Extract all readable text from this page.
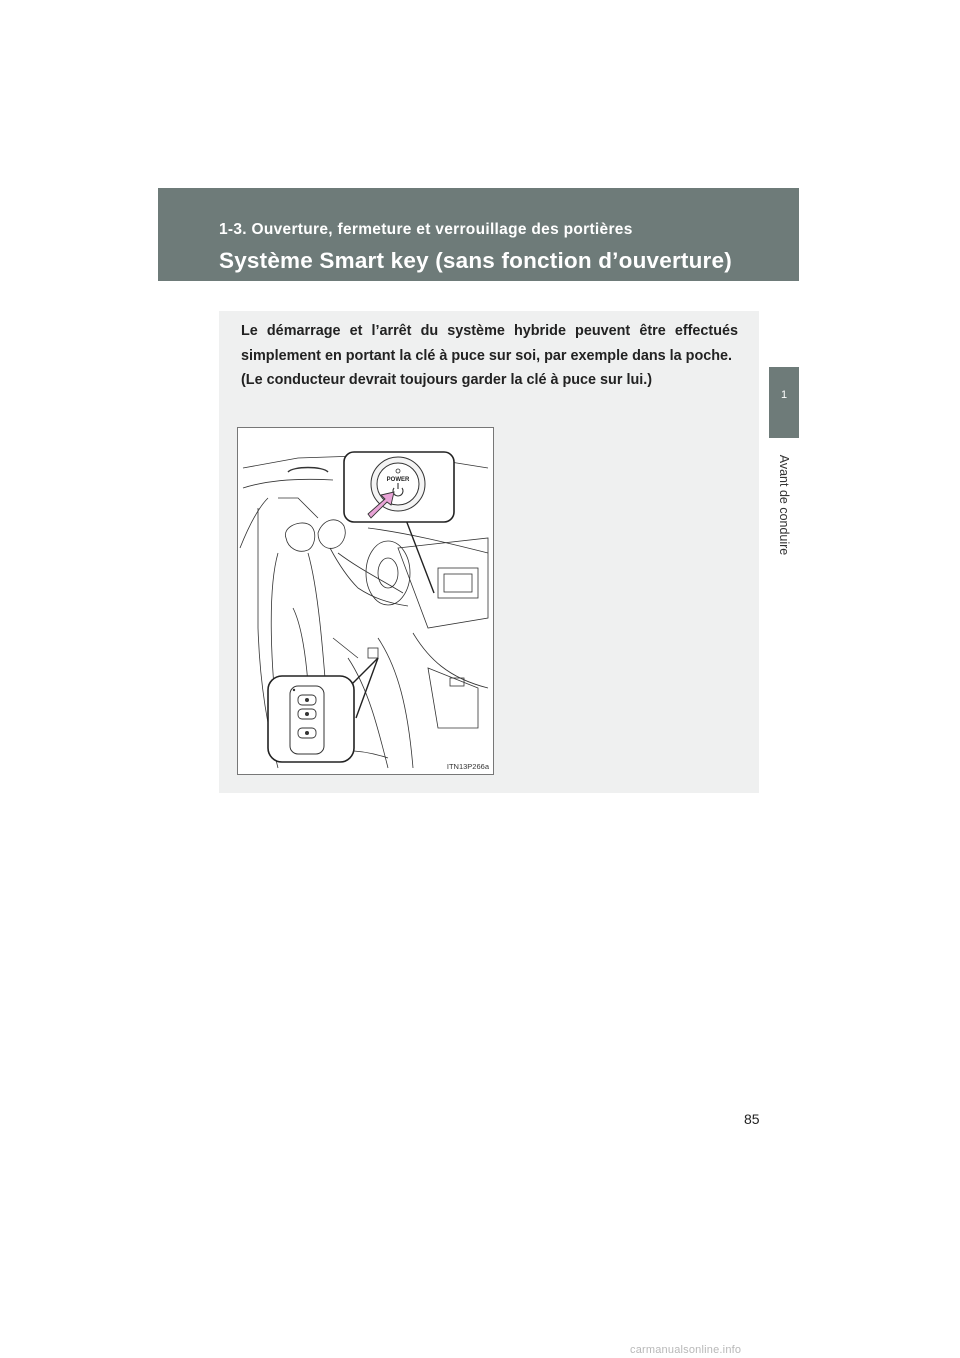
1-3. Ouverture, fermeture et verrouillage des portières
Système Smart key (sans fonction d’ouverture)
1
Avant de conduire

Le démarrage et l’arrêt du système hybride peuvent être effectués simplement en portant la clé à puce sur soi, par exemple dans la poche.

(Le conducteur devrait toujours garder la clé à puce sur lui.)

POWER
ITN13P266a
85
carmanualsonline.info
